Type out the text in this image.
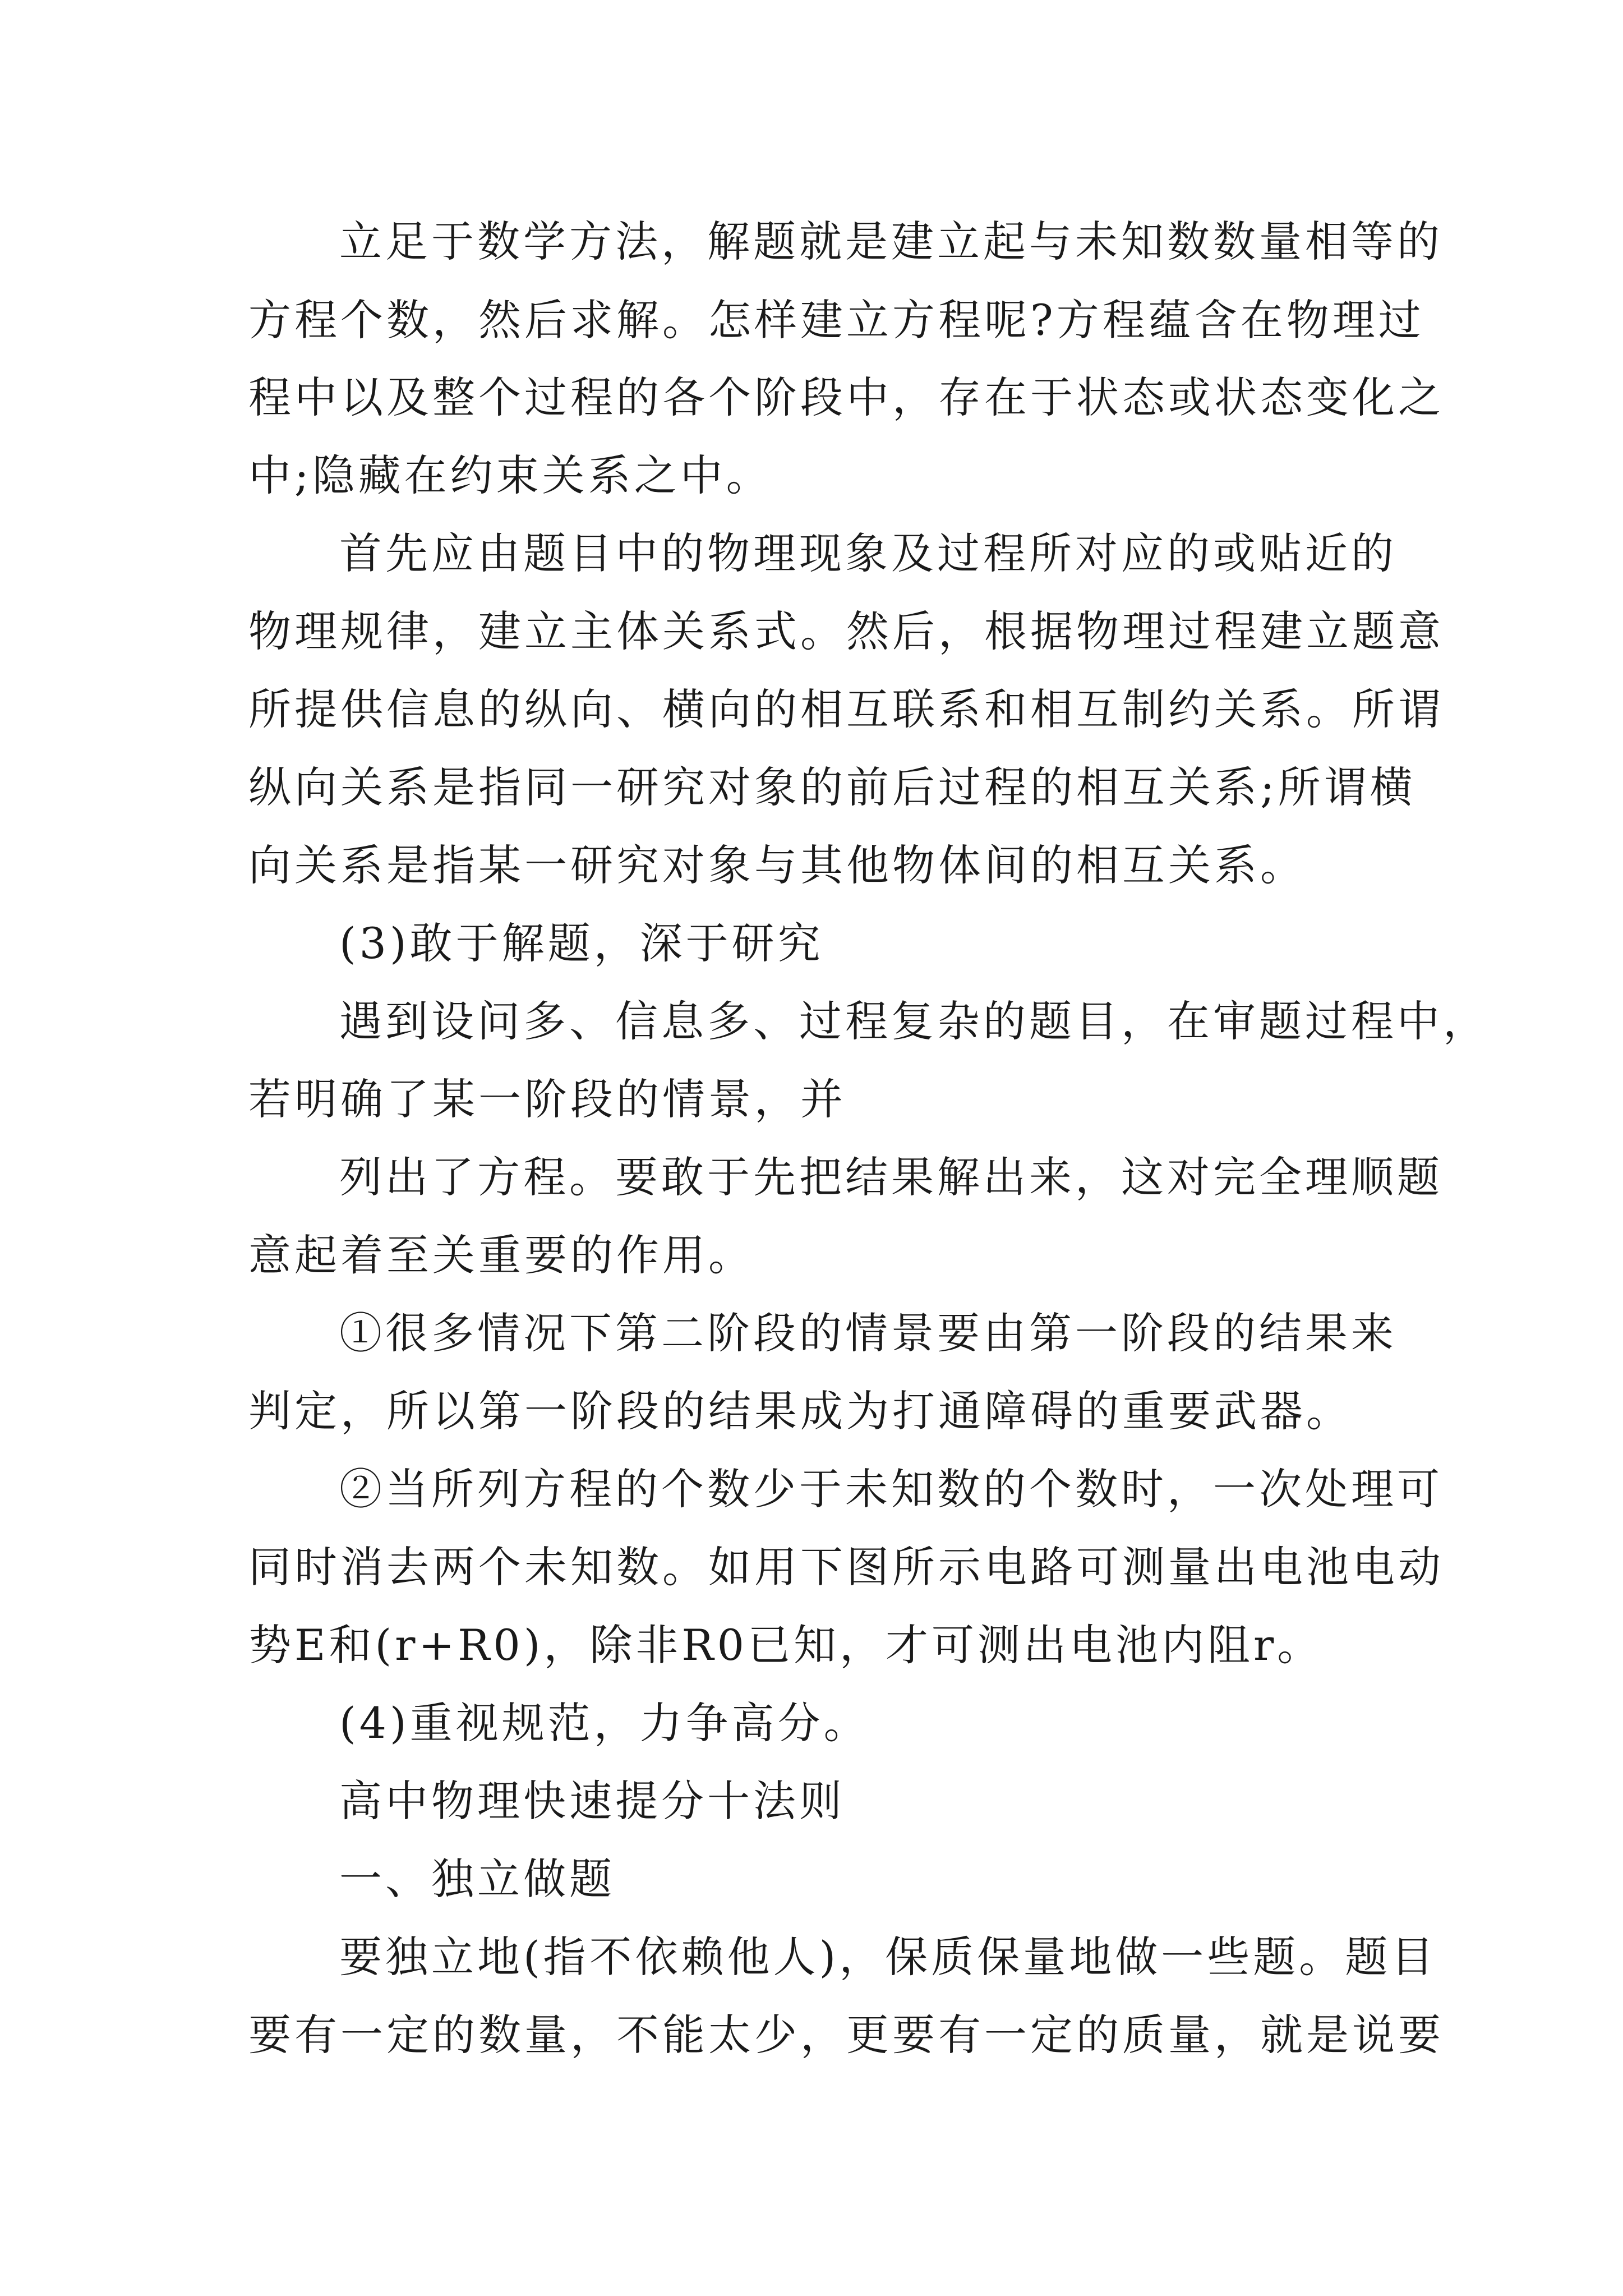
立足于数学方法，解题就是建立起与未知数数量相等的
方程个数，然后求解。怎样建立方程呢?方程蕴含在物理过
程中以及整个过程的各个阶段中，存在于状态或状态变化之
中;隐藏在约束关系之中。
首先应由题目中的物理现象及过程所对应的或贴近的
物理规律，建立主体关系式。然后，根据物理过程建立题意
所提供信息的纵向、横向的相互联系和相互制约关系。所谓
纵向关系是指同一研究对象的前后过程的相互关系;所谓横
向关系是指某一研究对象与其他物体间的相互关系。
(3)敢于解题，深于研究
遇到设问多、信息多、过程复杂的题目，在审题过程中，
若明确了某一阶段的情景，并
列出了方程。要敢于先把结果解出来，这对完全理顺题
意起着至关重要的作用。
①很多情况下第二阶段的情景要由第一阶段的结果来
判定，所以第一阶段的结果成为打通障碍的重要武器。
②当所列方程的个数少于未知数的个数时，一次处理可
同时消去两个未知数。如用下图所示电路可测量出电池电动
势E和(r+R0)，除非R0已知，才可测出电池内阻r。
(4)重视规范，力争高分。
高中物理快速提分十法则
一、独立做题
要独立地(指不依赖他人)，保质保量地做一些题。题目
要有一定的数量，不能太少，更要有一定的质量，就是说要
